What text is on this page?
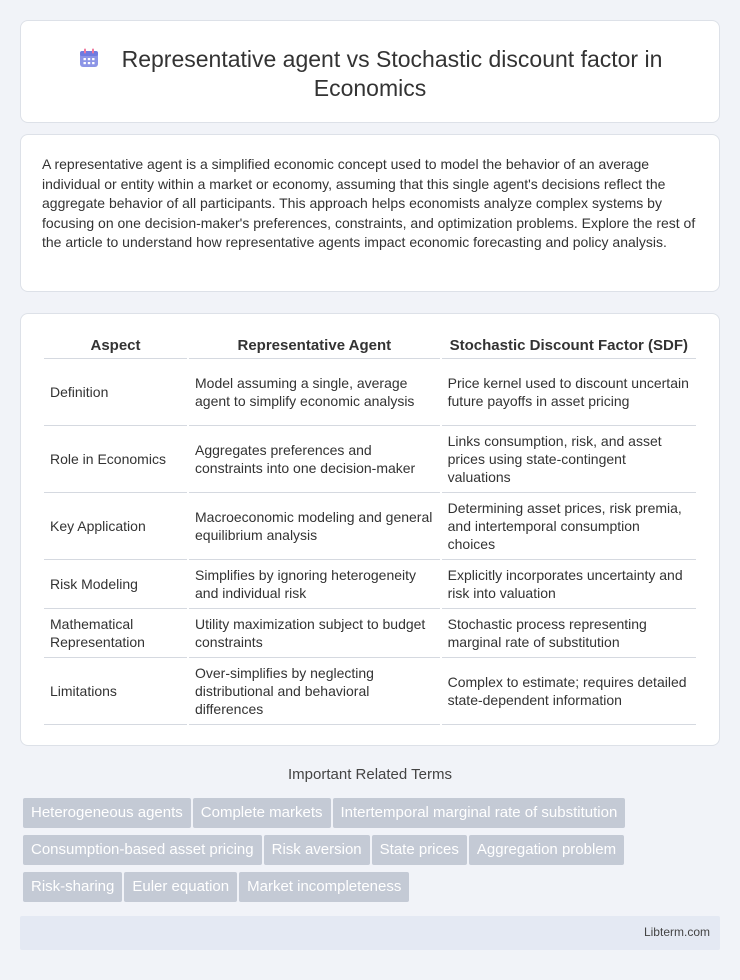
Representative agent vs Stochastic discount factor in Economics

A representative agent is a simplified economic concept used to model the behavior of an average individual or entity within a market or economy, assuming that this single agent's decisions reflect the aggregate behavior of all participants. This approach helps economists analyze complex systems by focusing on one decision-maker's preferences, constraints, and optimization problems. Explore the rest of the article to understand how representative agents impact economic forecasting and policy analysis.

Aspect	Representative Agent	Stochastic Discount Factor (SDF)
Definition	Model assuming a single, average agent to simplify economic analysis	Price kernel used to discount uncertain future payoffs in asset pricing
Role in Economics	Aggregates preferences and constraints into one decision-maker	Links consumption, risk, and asset prices using state-contingent valuations
Key Application	Macroeconomic modeling and general equilibrium analysis	Determining asset prices, risk premia, and intertemporal consumption choices
Risk Modeling	Simplifies by ignoring heterogeneity and individual risk	Explicitly incorporates uncertainty and risk into valuation
Mathematical Representation	Utility maximization subject to budget constraints	Stochastic process representing marginal rate of substitution
Limitations	Over-simplifies by neglecting distributional and behavioral differences	Complex to estimate; requires detailed state-dependent information
Important Related Terms
Heterogeneous agents Complete markets Intertemporal marginal rate of substitution
Consumption-based asset pricing Risk aversion State prices Aggregation problem
Risk-sharing Euler equation Market incompleteness
Libterm.com
